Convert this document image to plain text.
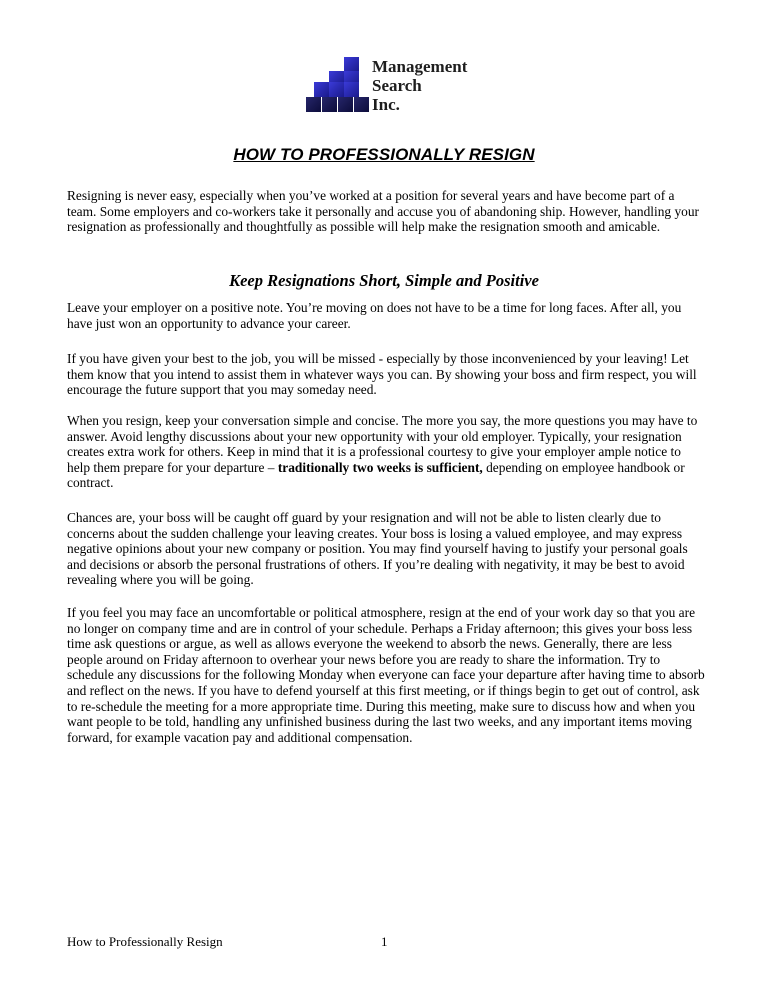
Management
Search
Inc.
HOW TO PROFESSIONALLY RESIGN

Resigning is never easy, especially when you’ve worked at a position for several years and have become part of a team. Some employers and co-workers take it personally and accuse you of abandoning ship. However, handling your resignation as professionally and thoughtfully as possible will help make the resignation smooth and amicable.

Keep Resignations Short, Simple and Positive

Leave your employer on a positive note. You’re moving on does not have to be a time for long faces. After all, you have just won an opportunity to advance your career.

If you have given your best to the job, you will be missed - especially by those inconvenienced by your leaving! Let them know that you intend to assist them in whatever ways you can. By showing your boss and firm respect, you will encourage the future support that you may someday need.

When you resign, keep your conversation simple and concise. The more you say, the more questions you may have to answer. Avoid lengthy discussions about your new opportunity with your old employer. Typically, your resignation creates extra work for others. Keep in mind that it is a professional courtesy to give your employer ample notice to help them prepare for your departure – traditionally two weeks is sufficient, depending on employee handbook or contract.

Chances are, your boss will be caught off guard by your resignation and will not be able to listen clearly due to concerns about the sudden challenge your leaving creates. Your boss is losing a valued employee, and may express negative opinions about your new company or position. You may find yourself having to justify your personal goals and decisions or absorb the personal frustrations of others. If you’re dealing with negativity, it may be best to avoid revealing where you will be going.

If you feel you may face an uncomfortable or political atmosphere, resign at the end of your work day so that you are no longer on company time and are in control of your schedule. Perhaps a Friday afternoon; this gives your boss less time ask questions or argue, as well as allows everyone the weekend to absorb the news. Generally, there are less people around on Friday afternoon to overhear your news before you are ready to share the information. Try to schedule any discussions for the following Monday when everyone can face your departure after having time to absorb and reflect on the news. If you have to defend yourself at this first meeting, or if things begin to get out of control, ask to re-schedule the meeting for a more appropriate time. During this meeting, make sure to discuss how and when you want people to be told, handling any unfinished business during the last two weeks, and any important items moving forward, for example vacation pay and additional compensation.

How to Professionally Resign	1
